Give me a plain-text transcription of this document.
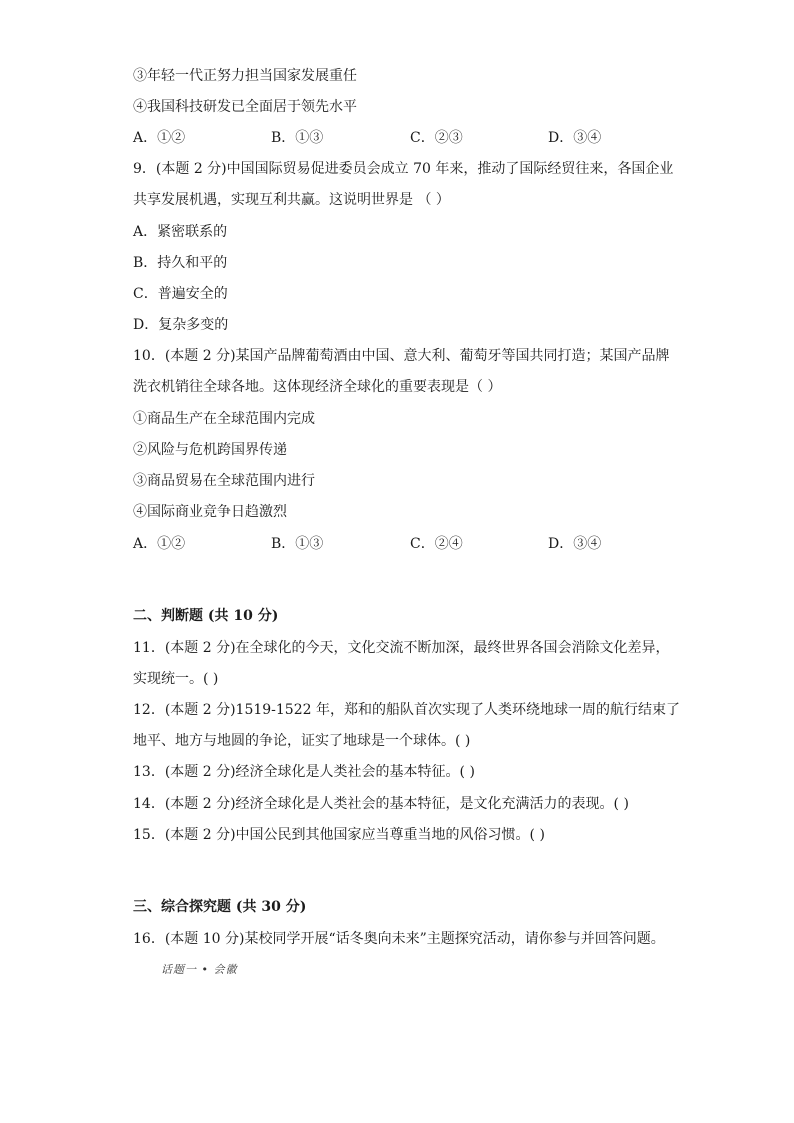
③年轻一代正努力担当国家发展重任
④我国科技研发已全面居于领先水平
A．①②	B．①③	C．②③	D．③④
9．(本题 2 分)中国国际贸易促进委员会成立 70 年来，推动了国际经贸往来，各国企业
共享发展机遇，实现互利共赢。这说明世界是 （ ）
A．紧密联系的
B．持久和平的
C．普遍安全的
D．复杂多变的
10．(本题 2 分)某国产品牌葡萄酒由中国、意大利、葡萄牙等国共同打造；某国产品牌
洗衣机销往全球各地。这体现经济全球化的重要表现是（ ）
①商品生产在全球范围内完成
②风险与危机跨国界传递
③商品贸易在全球范围内进行
④国际商业竞争日趋激烈
A．①②	B．①③	C．②④	D．③④
二、判断题 (共 10 分)
11．(本题 2 分)在全球化的今天，文化交流不断加深，最终世界各国会消除文化差异，
实现统一。( )
12．(本题 2 分)1519-1522 年，郑和的船队首次实现了人类环绕地球一周的航行结束了
地平、地方与地圆的争论，证实了地球是一个球体。( )
13．(本题 2 分)经济全球化是人类社会的基本特征。( )
14．(本题 2 分)经济全球化是人类社会的基本特征，是文化充满活力的表现。( )
15．(本题 2 分)中国公民到其他国家应当尊重当地的风俗习惯。( )
三、综合探究题 (共 30 分)
16．(本题 10 分)某校同学开展“话冬奥向未来”主题探究活动，请你参与并回答问题。
话题一 • 会徽
